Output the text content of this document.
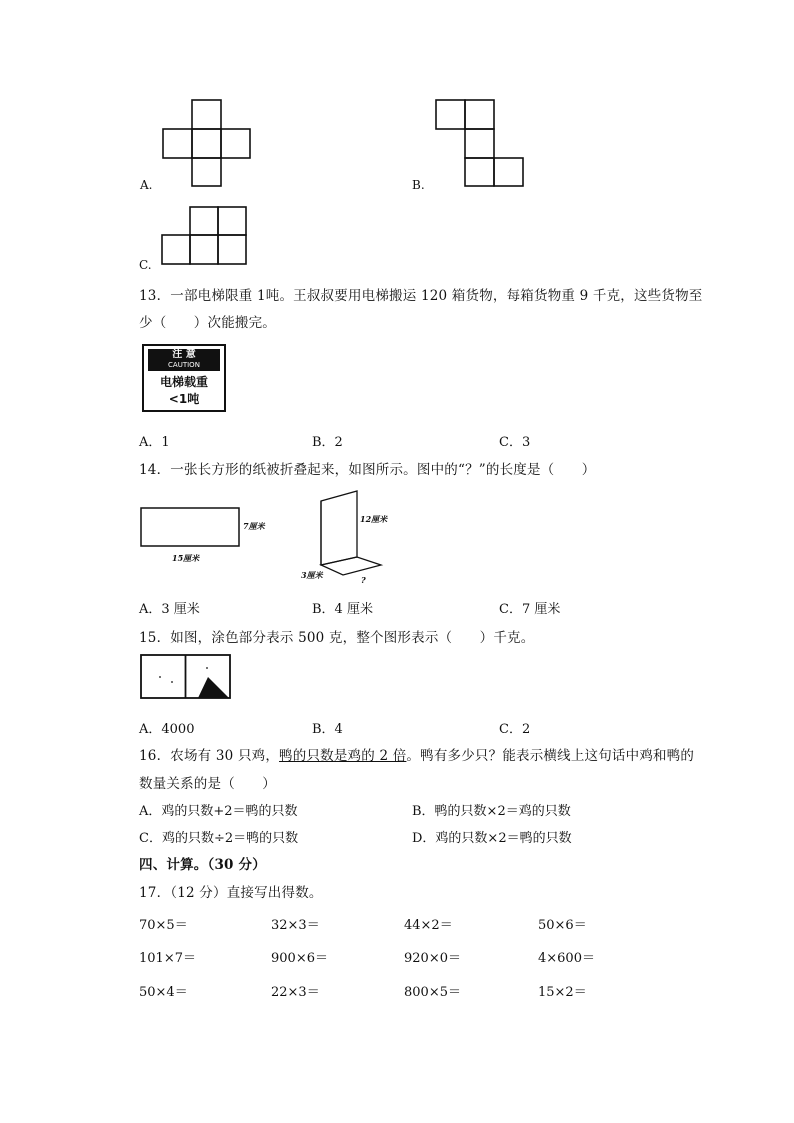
A.	B.
C.
13．一部电梯限重 1吨。王叔叔要用电梯搬运 120 箱货物，每箱货物重 9 千克，这些货物至
少（　　）次能搬完。
注 意
CAUTION
电梯载重
<1吨
A．1	B．2	C．3
14．一张长方形的纸被折叠起来，如图所示。图中的“？”的长度是（　　）
7厘米
15厘米
12厘米
3厘米	?
A．3 厘米	B．4 厘米	C．7 厘米
15．如图，涂色部分表示 500 克，整个图形表示（　　）千克。
A．4000	B．4	C．2
16．农场有 30 只鸡，鸭的只数是鸡的 2 倍。鸭有多少只？能表示横线上这句话中鸡和鸭的
数量关系的是（　　）
A．鸡的只数+2＝鸭的只数	B．鸭的只数×2＝鸡的只数
C．鸡的只数÷2＝鸭的只数	D．鸡的只数×2＝鸭的只数
四、计算。（30 分）
17．（12 分）直接写出得数。
70×5＝	32×3＝	44×2＝	50×6＝
101×7＝	900×6＝	920×0＝	4×600＝
50×4＝	22×3＝	800×5＝	15×2＝
